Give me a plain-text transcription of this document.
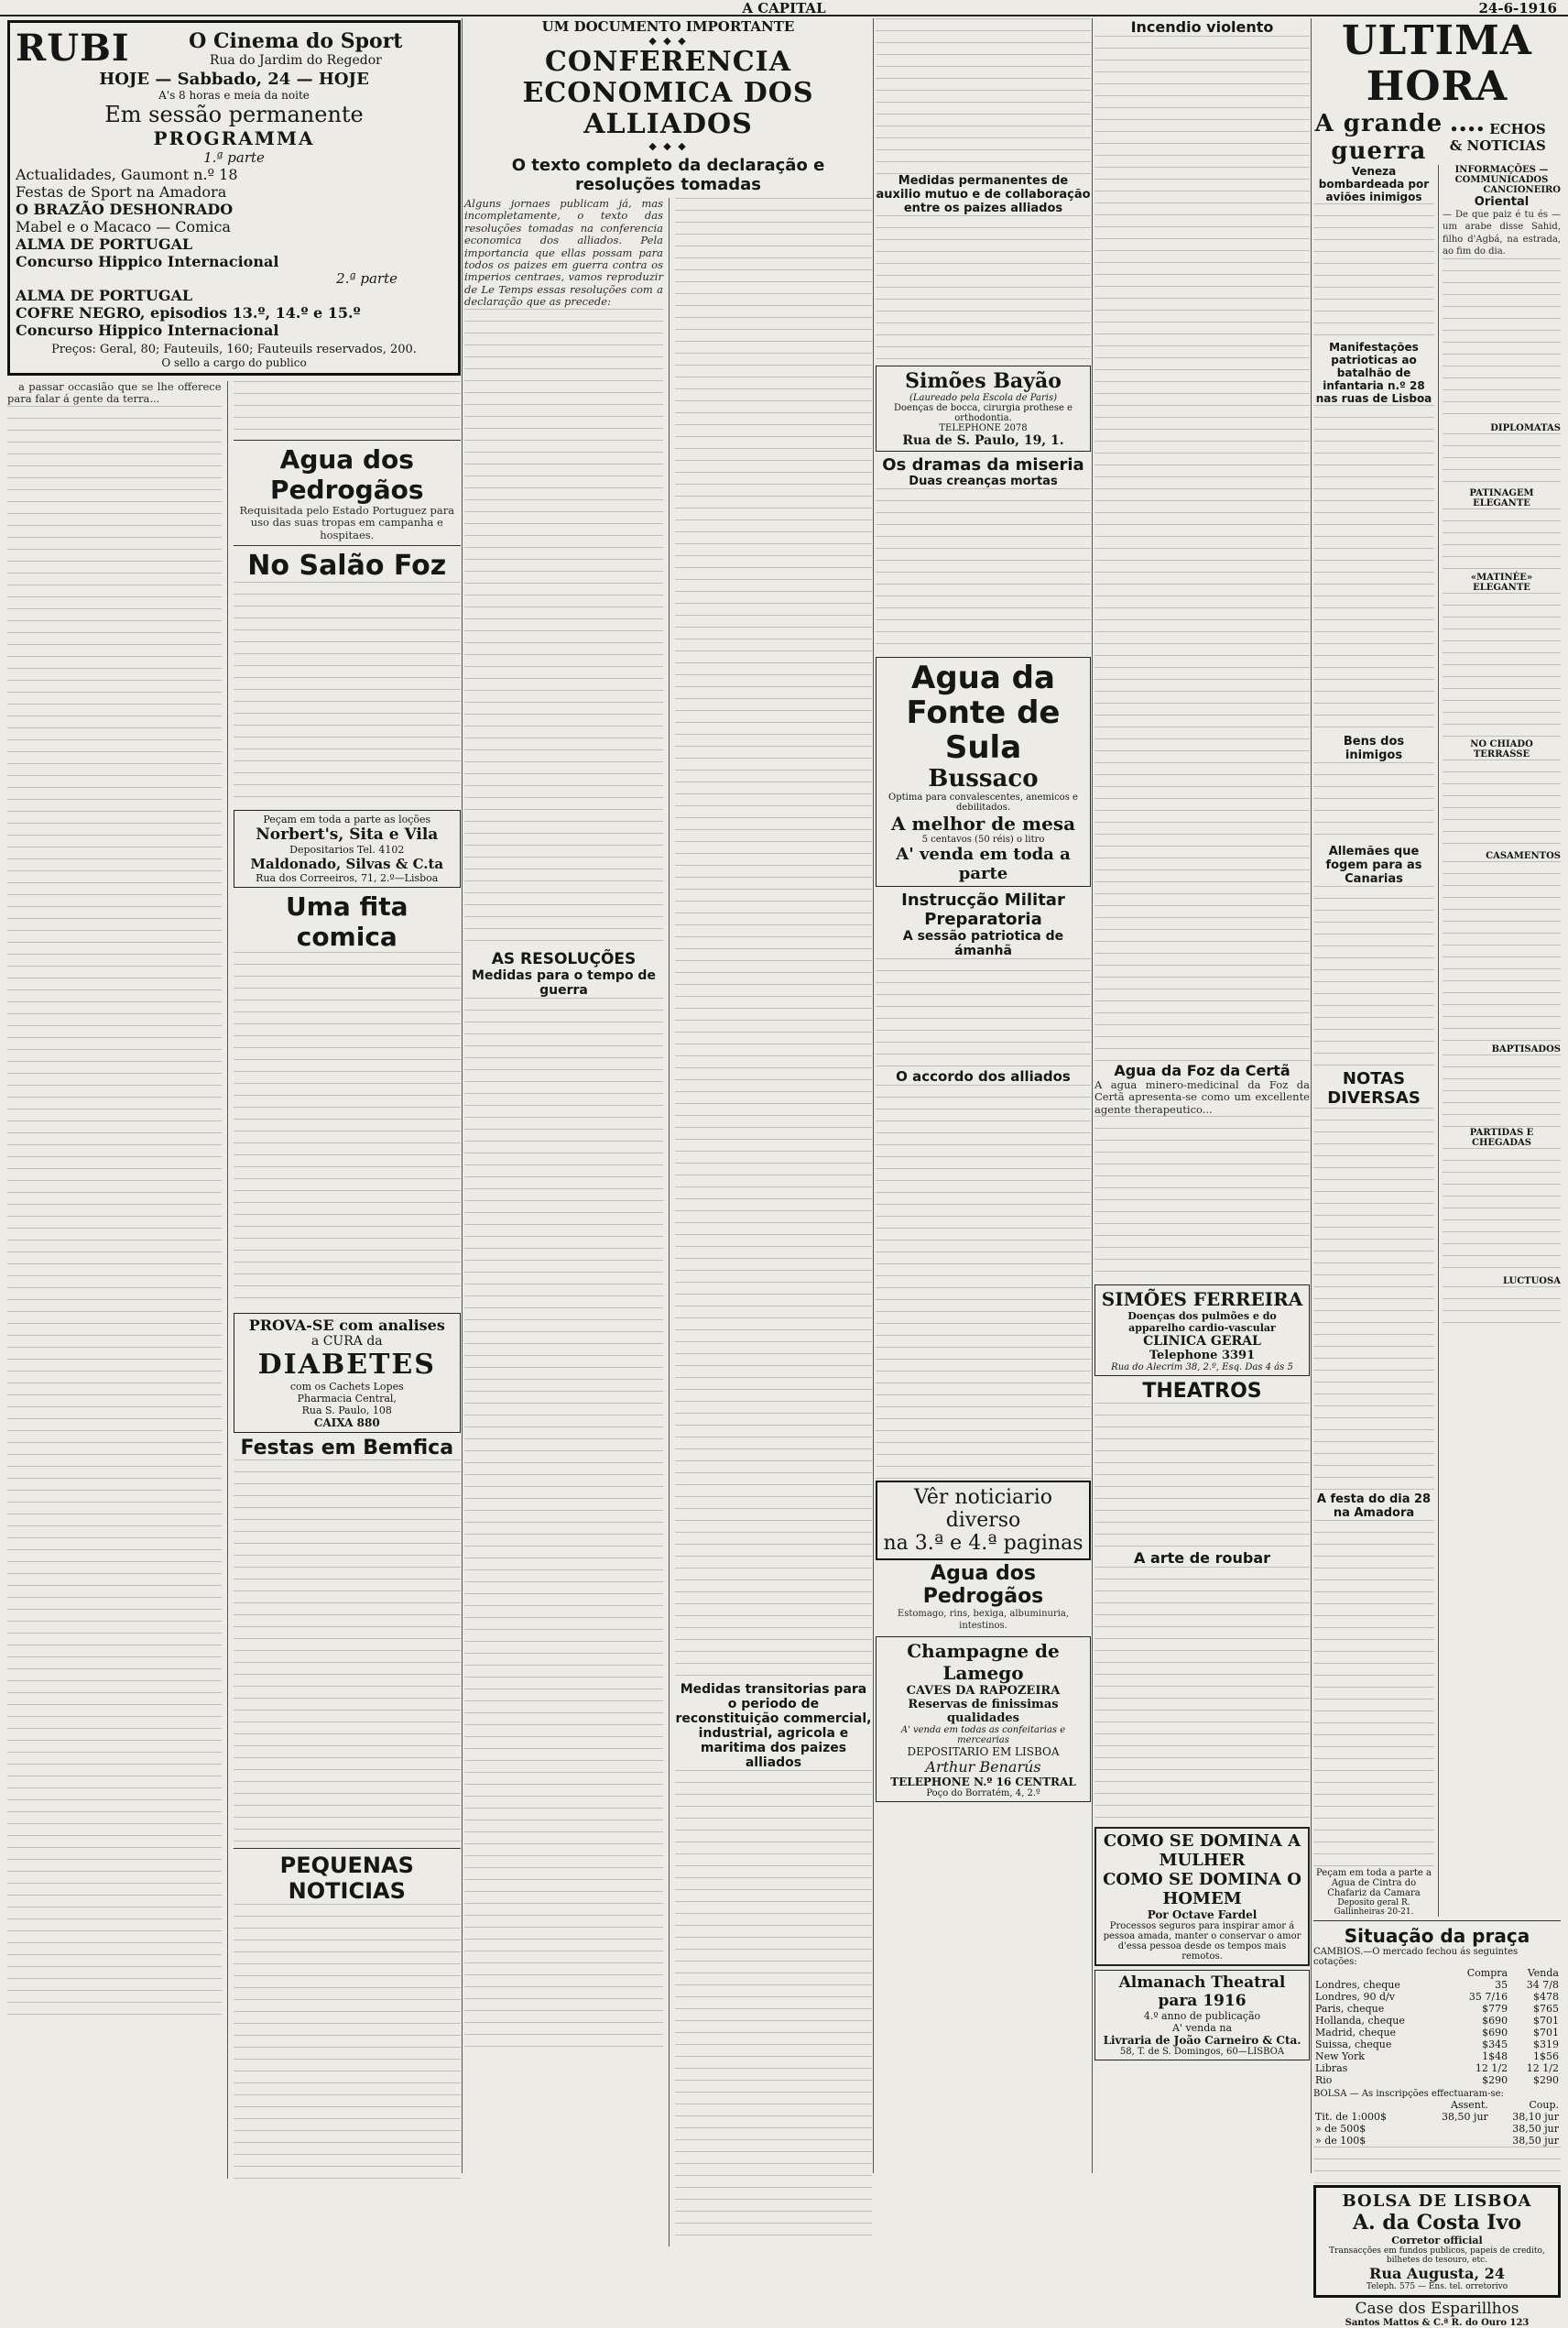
A CAPITAL	24-6-1916
RUBI	O Cinema do Sport
Rua do Jardim do Regedor
HOJE — Sabbado, 24 — HOJE
A's 8 horas e meia da noite
Em sessão permanente
PROGRAMMA
1.ª parte
Actualidades, Gaumont n.º 18
Festas de Sport na Amadora
O BRAZÃO DESHONRADO
Mabel e o Macaco — Comica
ALMA DE PORTUGAL
Concurso Hippico Internacional
2.ª parte
ALMA DE PORTUGAL
COFRE NEGRO, episodios 13.º, 14.º e 15.º
Concurso Hippico Internacional
Preços: Geral, 80; Fauteuils, 160; Fauteuils reservados, 200.
O sello a cargo do publico

a passar occasião que se lhe offerece para falar á gente da terra...

Agua dos Pedrogãos
Requisitada pelo Estado Portuguez para uso das suas tropas em campanha e hospitaes.
No Salão Foz
Peçam em toda a parte as loções
Norbert's, Sita e Vila
Depositarios Tel. 4102
Maldonado, Silvas & C.ta
Rua dos Correeiros, 71, 2.º—Lisboa
Uma fita comica
PROVA-SE com analises
a CURA da
DIABETES
com os Cachets Lopes
Pharmacia Central,
Rua S. Paulo, 108
CAIXA 880
Festas em Bemfica
PEQUENAS NOTICIAS
UM DOCUMENTO IMPORTANTE
◆ ◆ ◆
CONFERENCIA ECONOMICA DOS ALLIADOS
◆ ◆ ◆
O texto completo da declaração e resoluções tomadas
Alguns jornaes publicam já, mas incompletamente, o texto das resoluções tomadas na conferencia economica dos alliados. Pela importancia que ellas possam para todos os paizes em guerra contra os imperios centraes, vamos reproduzir de Le Temps essas resoluções com a declaração que as precede:
AS RESOLUÇÕES
Medidas para o tempo de guerra
Medidas transitorias para o periodo de reconstituição commercial, industrial, agricola e maritima dos paizes alliados
Medidas permanentes de auxilio mutuo e de collaboração entre os paizes alliados
Simões Bayão
(Laureado pela Escola de Paris)
Doenças de bocca, cirurgia prothese e orthodontia.
TELEPHONE 2078
Rua de S. Paulo, 19, 1.
Os dramas da miseria
Duas creanças mortas
Agua da Fonte de Sula
Bussaco
Optima para convalescentes, anemicos e debilitados.
A melhor de mesa
5 centavos (50 réis) o litro
A' venda em toda a parte
Instrucção Militar Preparatoria
A sessão patriotica de ámanhã
O accordo dos alliados
Vêr noticiario
diverso
na 3.ª e 4.ª paginas
Agua dos Pedrogãos
Estomago, rins, bexiga, albuminuria, intestinos.
Champagne de Lamego
CAVES DA RAPOZEIRA
Reservas de finissimas qualidades
A' venda em todas as confeitarias e mercearias
DEPOSITARIO EM LISBOA
Arthur Benarús
TELEPHONE N.º 16 CENTRAL
Poço do Borratém, 4, 2.º
Incendio violento
Agua da Foz da Certã
A agua minero-medicinal da Foz da Certã apresenta-se como um excellente agente therapeutico...
SIMÕES FERREIRA
Doenças dos pulmões e do apparelho cardio-vascular
CLINICA GERAL
Telephone 3391
Rua do Alecrim 38, 2.º, Esq. Das 4 ás 5
THEATROS
A arte de roubar
COMO SE DOMINA A MULHER
COMO SE DOMINA O HOMEM
Por Octave Fardel
Processos seguros para inspirar amor á pessoa amada, manter o conservar o amor d'essa pessoa desde os tempos mais remotos.
Almanach Theatral para 1916
4.º anno de publicação
A' venda na
Livraria de João Carneiro & Cta.
58, T. de S. Domingos, 60—LISBOA
ULTIMA HORA
A grande guerra
•••• ECHOS & NOTICIAS
Veneza bombardeada por aviões inimigos
Manifestações patrioticas ao batalhão de infantaria n.º 28 nas ruas de Lisboa
Bens dos inimigos
Allemães que fogem para as Canarias
NOTAS DIVERSAS
A festa do dia 28 na Amadora
Peçam em toda a parte a Agua de Cintra do Chafariz da Camara
Deposito geral R. Gallinheiras 20-21.
INFORMAÇÕES — COMMUNICADOS
CANCIONEIRO
Oriental
— De que paiz é tu és — um arabe disse Sahid, filho d'Agbá, na estrada, ao fim do dia.
DIPLOMATAS
PATINAGEM ELEGANTE
«MATINÉE» ELEGANTE
NO CHIADO TERRASSE
CASAMENTOS
BAPTISADOS
PARTIDAS E CHEGADAS
LUCTUOSA
Situação da praça
CAMBIOS.—O mercado fechou ás seguintes cotações:
	Compra	Venda
Londres, cheque	35	34 7/8
Londres, 90 d/v	35 7/16	$478
Paris, cheque	$779	$765
Hollanda, cheque	$690	$701
Madrid, cheque	$690	$701
Suissa, cheque	$345	$319
New York	1$48	1$56
Libras	12 1/2	12 1/2
Rio	$290	$290
BOLSA — As inscripções effectuaram-se:
	Assent.	Coup.
Tit. de 1:000$	38,50 jur	38,10 jur
» de 500$		38,50 jur
» de 100$		38,50 jur
BOLSA DE LISBOA
A. da Costa Ivo
Corretor official
Transacções em fundos publicos, papeis de credito, bilhetes do tesouro, etc.
Rua Augusta, 24
Teleph. 575 — Ens. tel. orretorivo
Case dos Esparillhos
Santos Mattos & C.ª R. do Ouro 123
